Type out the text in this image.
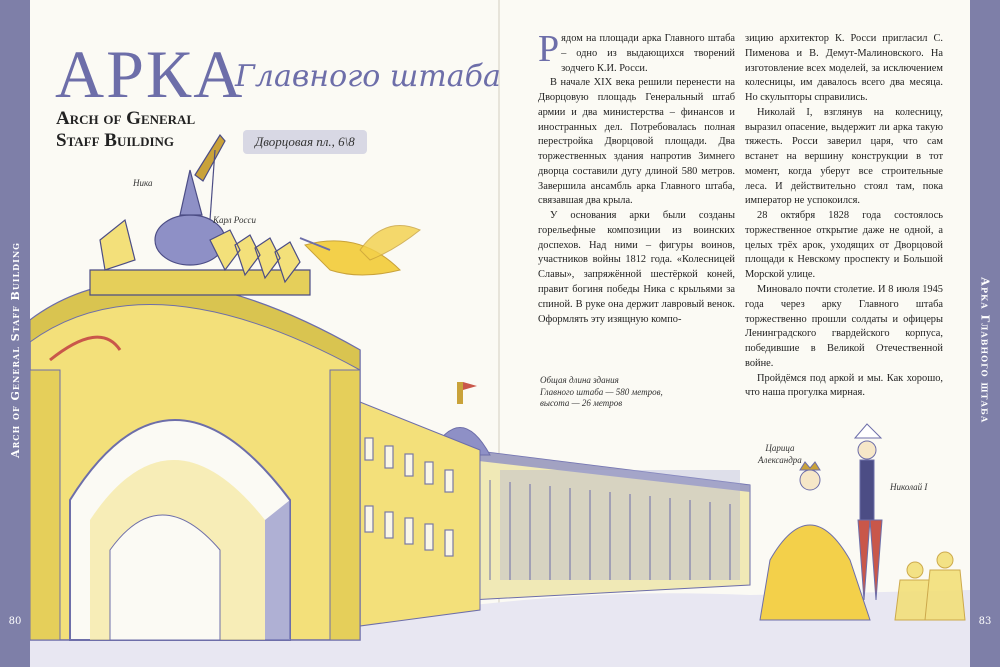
Arch of General Staff Building
80
Арка Главного штаба
83
АРКА
Главного штаба
Arch of General
Staff Building	Дворцовая пл., 6\8
Ника
Карл Росси
Общая длина здания
Главного штаба — 580 метров,
высота — 26 метров
Царица
Александра
Николай I

Рядом на площади арка Главного штаба – одно из выдающихся творений зодчего К.И. Росси.

В начале XIX века решили перенести на Дворцовую площадь Генеральный штаб армии и два министерства – финансов и иностранных дел. Потребовалась полная перестройка Дворцовой площади. Два торжественных здания напротив Зимнего дворца составили дугу длиной 580 метров. Завершила ансамбль арка Главного штаба, связавшая два крыла.

У основания арки были созданы горельефные композиции из воинских доспехов. Над ними – фигуры воинов, участников войны 1812 года. «Колесницей Славы», запряжённой шестёркой коней, правит богиня победы Ника с крыльями за спиной. В руке она держит лавровый венок. Оформлять эту изящную компо-

зицию архитектор К. Росси пригласил С. Пименова и В. Демут-Малиновского. На изготовление всех моделей, за исключением колесницы, им давалось всего два месяца. Но скульпторы справились.

Николай I, взглянув на колесницу, выразил опасение, выдержит ли арка такую тяжесть. Росси заверил царя, что сам встанет на вершину конструкции в тот момент, когда уберут все строительные леса. И действительно стоял там, пока император не успокоился.

28 октября 1828 года состоялось торжественное открытие даже не одной, а целых трёх арок, уходящих от Дворцовой площади к Невскому проспекту и Большой Морской улице.

Миновало почти столетие. И 8 июля 1945 года через арку Главного штаба торжественно прошли солдаты и офицеры Ленинградского гвардейского корпуса, победившие в Великой Отечественной войне.

Пройдёмся под аркой и мы. Как хорошо, что наша прогулка мирная.
